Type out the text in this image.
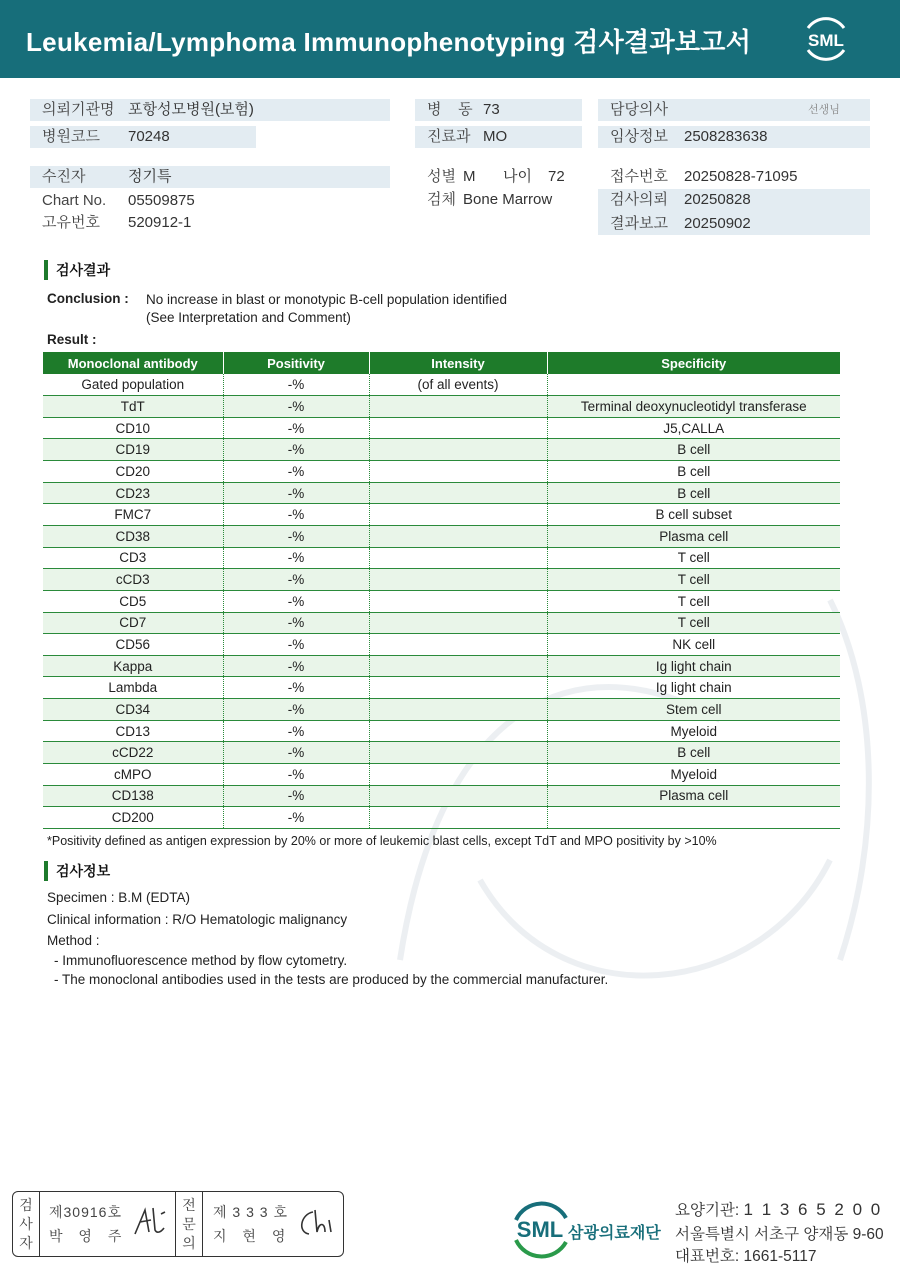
Leukemia/Lymphoma Immunophenotyping 검사결과보고서	SML
의뢰기관명 포항성모병원(보험)
병원코드 70248
병    동 73
진료과 MO
담당의사	선생님
임상정보 2508283638
수진자	정기특
Chart No. 05509875
고유번호 520912-1
성별 M 나이 72
검체 Bone Marrow
접수번호 20250828-71095
검사의뢰 20250828
결과보고 20250902
검사결과
Conclusion : No increase in blast or monotypic B-cell population identified
(See Interpretation and Comment)
Result :
Monoclonal antibody	Positivity	Intensity	Specificity
Gated population	-%	(of all events)	
TdT	-%		Terminal deoxynucleotidyl transferase
CD10	-%		J5,CALLA
CD19	-%		B cell
CD20	-%		B cell
CD23	-%		B cell
FMC7	-%		B cell subset
CD38	-%		Plasma cell
CD3	-%		T cell
cCD3	-%		T cell
CD5	-%		T cell
CD7	-%		T cell
CD56	-%		NK cell
Kappa	-%		Ig light chain
Lambda	-%		Ig light chain
CD34	-%		Stem cell
CD13	-%		Myeloid
cCD22	-%		B cell
cMPO	-%		Myeloid
CD138	-%		Plasma cell
CD200	-%		
*Positivity defined as antigen expression by 20% or more of leukemic blast cells, except TdT and MPO positivity by >10%
검사정보
Specimen : B.M (EDTA)
Clinical information : R/O Hematologic malignancy
Method :
- Immunofluorescence method by flow cytometry.
- The monoclonal antibodies used in the tests are produced by the commercial manufacturer.
검
사
자
제30916호
박 영 주
전
문
의
제 3 3 3 호
지 현 영	SML 삼광의료재단
요양기관: 1 1 3 6 5 2 0 0
서울특별시 서초구 양재동 9-60
대표번호: 1661-5117
